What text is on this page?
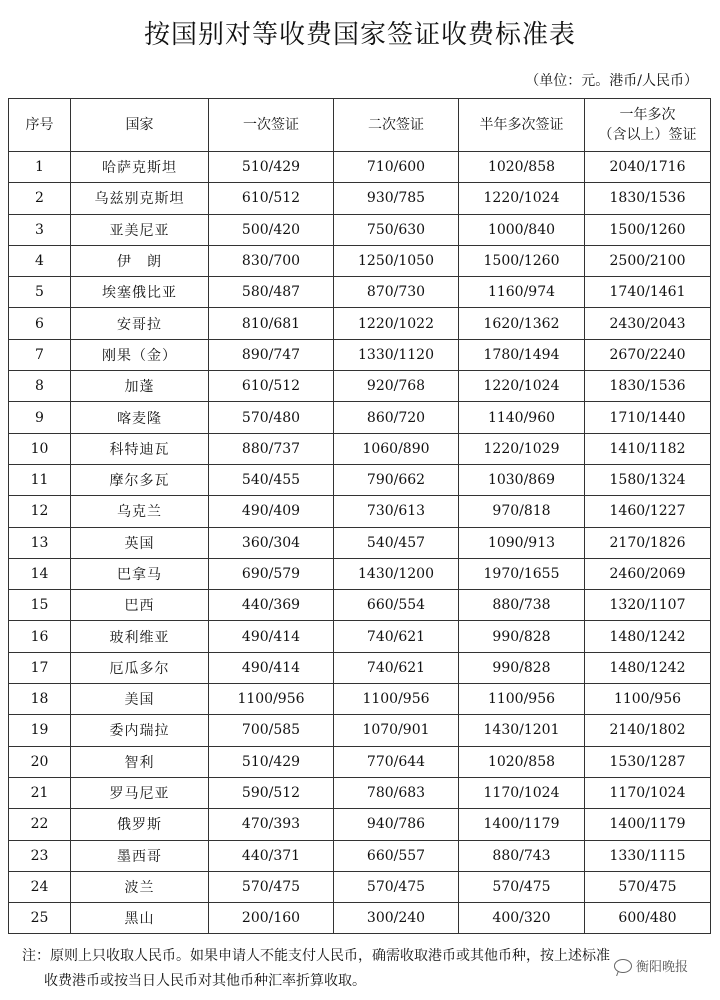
按国别对等收费国家签证收费标准表
（单位：元。港币/人民币）
序号	国家	一次签证	二次签证	半年多次签证	一年多次
（含以上）签证
1	哈萨克斯坦	510/429	710/600	1020/858	2040/1716
2	乌兹别克斯坦	610/512	930/785	1220/1024	1830/1536
3	亚美尼亚	500/420	750/630	1000/840	1500/1260
4	伊　朗	830/700	1250/1050	1500/1260	2500/2100
5	埃塞俄比亚	580/487	870/730	1160/974	1740/1461
6	安哥拉	810/681	1220/1022	1620/1362	2430/2043
7	刚果（金）	890/747	1330/1120	1780/1494	2670/2240
8	加蓬	610/512	920/768	1220/1024	1830/1536
9	喀麦隆	570/480	860/720	1140/960	1710/1440
10	科特迪瓦	880/737	1060/890	1220/1029	1410/1182
11	摩尔多瓦	540/455	790/662	1030/869	1580/1324
12	乌克兰	490/409	730/613	970/818	1460/1227
13	英国	360/304	540/457	1090/913	2170/1826
14	巴拿马	690/579	1430/1200	1970/1655	2460/2069
15	巴西	440/369	660/554	880/738	1320/1107
16	玻利维亚	490/414	740/621	990/828	1480/1242
17	厄瓜多尔	490/414	740/621	990/828	1480/1242
18	美国	1100/956	1100/956	1100/956	1100/956
19	委内瑞拉	700/585	1070/901	1430/1201	2140/1802
20	智利	510/429	770/644	1020/858	1530/1287
21	罗马尼亚	590/512	780/683	1170/1024	1170/1024
22	俄罗斯	470/393	940/786	1400/1179	1400/1179
23	墨西哥	440/371	660/557	880/743	1330/1115
24	波兰	570/475	570/475	570/475	570/475
25	黑山	200/160	300/240	400/320	600/480
注：原则上只收取人民币。如果申请人不能支付人民币，确需收取港币或其他币种，按上述标准
收费港币或按当日人民币对其他币种汇率折算收取。
衡阳晚报
